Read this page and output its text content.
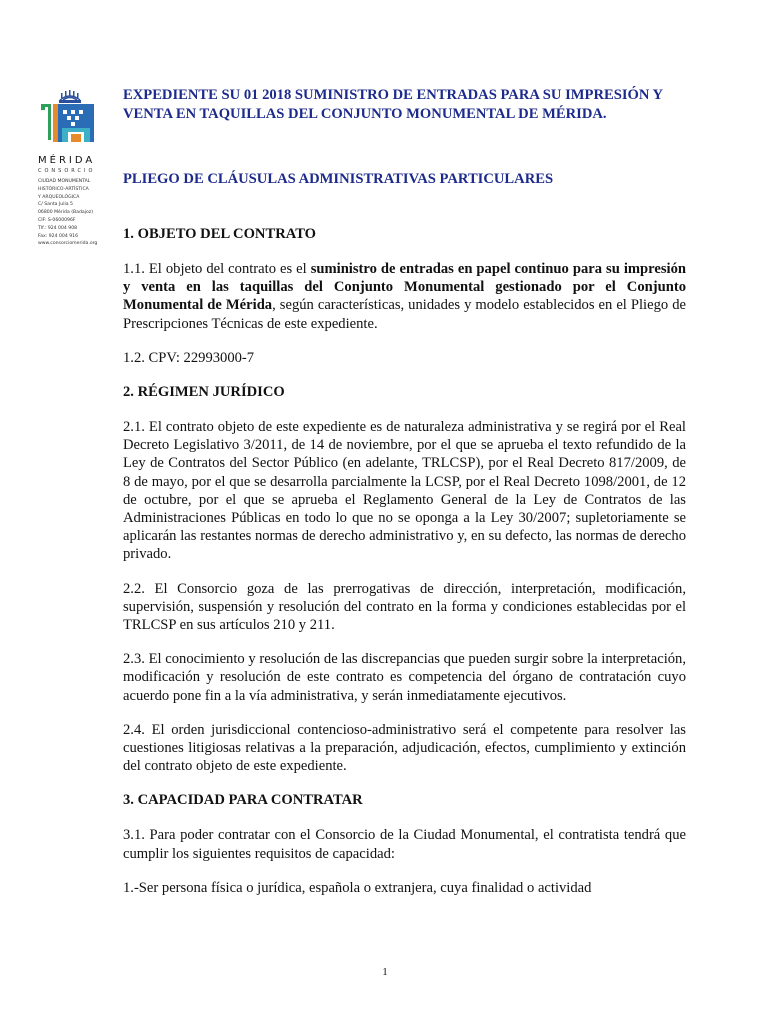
MÉRIDA
CONSORCIO
CIUDAD MONUMENTAL
HISTÓRICO-ARTÍSTICA
Y ARQUEOLÓGICA
C/ Santa Julia 5
06800 Mérida (Badajoz)
CIF: S-0600096F
Tlf.: 924 004 908
Fax: 924 004 916
www.consorciomerida.org
EXPEDIENTE SU 01 2018 SUMINISTRO DE ENTRADAS PARA SU IMPRESIÓN Y VENTA EN TAQUILLAS DEL CONJUNTO MONUMENTAL DE MÉRIDA.
PLIEGO DE CLÁUSULAS ADMINISTRATIVAS PARTICULARES
1. OBJETO DEL CONTRATO

1.1. El objeto del contrato es el suministro de entradas en papel continuo para su impresión y venta en las taquillas del Conjunto Monumental gestionado por el Conjunto Monumental de Mérida, según características, unidades y modelo establecidos en el Pliego de Prescripciones Técnicas de este expediente.

1.2. CPV: 22993000-7

2. RÉGIMEN JURÍDICO

2.1. El contrato objeto de este expediente es de naturaleza administrativa y se regirá por el Real Decreto Legislativo 3/2011, de 14 de noviembre, por el que se aprueba el texto refundido de la Ley de Contratos del Sector Público (en adelante, TRLCSP), por el Real Decreto 817/2009, de 8 de mayo, por el que se desarrolla parcialmente la LCSP, por el Real Decreto 1098/2001, de 12 de octubre, por el que se aprueba el Reglamento General de la Ley de Contratos de las Administraciones Públicas en todo lo que no se oponga a la Ley 30/2007; supletoriamente se aplicarán las restantes normas de derecho administrativo y, en su defecto, las normas de derecho privado.

2.2. El Consorcio goza de las prerrogativas de dirección, interpretación, modificación, supervisión, suspensión y resolución del contrato en la forma y condiciones establecidas por el TRLCSP en sus artículos 210 y 211.

2.3. El conocimiento y resolución de las discrepancias que pueden surgir sobre la interpretación, modificación y resolución de este contrato es competencia del órgano de contratación cuyo acuerdo pone fin a la vía administrativa, y serán inmediatamente ejecutivos.

2.4. El orden jurisdiccional contencioso-administrativo será el competente para resolver las cuestiones litigiosas relativas a la preparación, adjudicación, efectos, cumplimiento y extinción del contrato objeto de este expediente.

3. CAPACIDAD PARA CONTRATAR

3.1. Para poder contratar con el Consorcio de la Ciudad Monumental, el contratista tendrá que cumplir los siguientes requisitos de capacidad:

1.-Ser persona física o jurídica, española o extranjera, cuya finalidad o actividad

1
